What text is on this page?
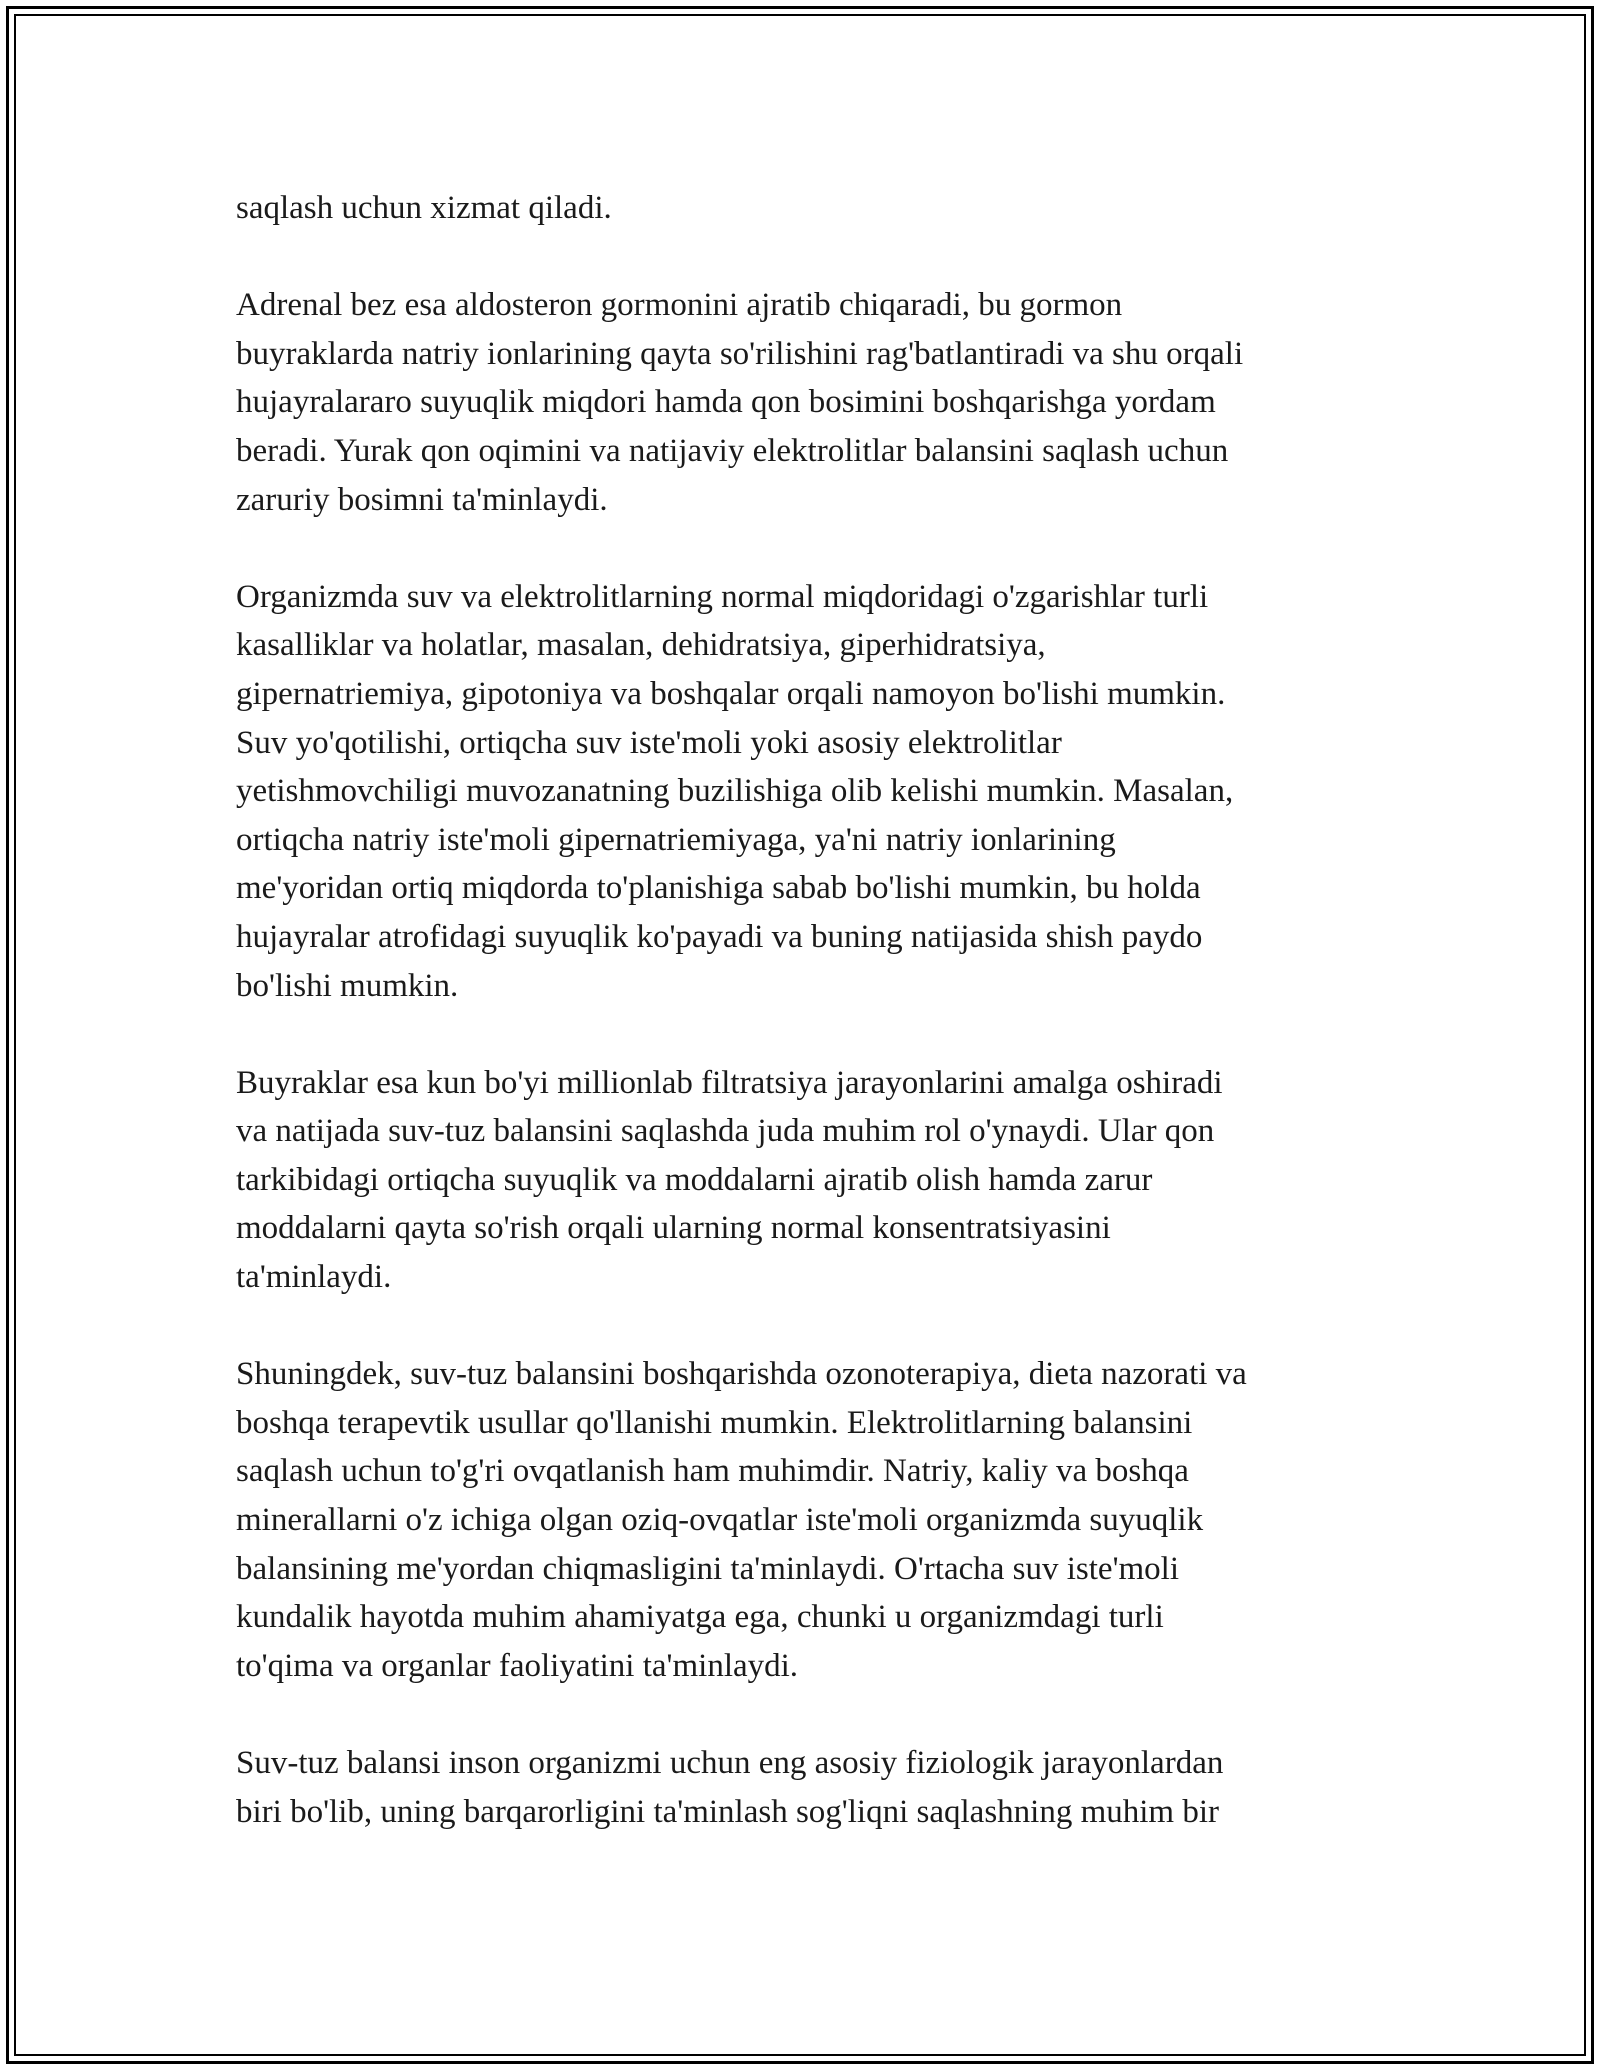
saqlash uchun xizmat qiladi.

Adrenal bez esa aldosteron gormonini ajratib chiqaradi, bu gormon
buyraklarda natriy ionlarining qayta so'rilishini rag'batlantiradi va shu orqali
hujayralararo suyuqlik miqdori hamda qon bosimini boshqarishga yordam
beradi. Yurak qon oqimini va natijaviy elektrolitlar balansini saqlash uchun
zaruriy bosimni ta'minlaydi.

Organizmda suv va elektrolitlarning normal miqdoridagi o'zgarishlar turli
kasalliklar va holatlar, masalan, dehidratsiya, giperhidratsiya,
gipernatriemiya, gipotoniya va boshqalar orqali namoyon bo'lishi mumkin.
Suv yo'qotilishi, ortiqcha suv iste'moli yoki asosiy elektrolitlar
yetishmovchiligi muvozanatning buzilishiga olib kelishi mumkin. Masalan,
ortiqcha natriy iste'moli gipernatriemiyaga, ya'ni natriy ionlarining
me'yoridan ortiq miqdorda to'planishiga sabab bo'lishi mumkin, bu holda
hujayralar atrofidagi suyuqlik ko'payadi va buning natijasida shish paydo
bo'lishi mumkin.

Buyraklar esa kun bo'yi millionlab filtratsiya jarayonlarini amalga oshiradi
va natijada suv-tuz balansini saqlashda juda muhim rol o'ynaydi. Ular qon
tarkibidagi ortiqcha suyuqlik va moddalarni ajratib olish hamda zarur
moddalarni qayta so'rish orqali ularning normal konsentratsiyasini
ta'minlaydi.

Shuningdek, suv-tuz balansini boshqarishda ozonoterapiya, dieta nazorati va
boshqa terapevtik usullar qo'llanishi mumkin. Elektrolitlarning balansini
saqlash uchun to'g'ri ovqatlanish ham muhimdir. Natriy, kaliy va boshqa
minerallarni o'z ichiga olgan oziq-ovqatlar iste'moli organizmda suyuqlik
balansining me'yordan chiqmasligini ta'minlaydi. O'rtacha suv iste'moli
kundalik hayotda muhim ahamiyatga ega, chunki u organizmdagi turli
to'qima va organlar faoliyatini ta'minlaydi.

Suv-tuz balansi inson organizmi uchun eng asosiy fiziologik jarayonlardan
biri bo'lib, uning barqarorligini ta'minlash sog'liqni saqlashning muhim bir
